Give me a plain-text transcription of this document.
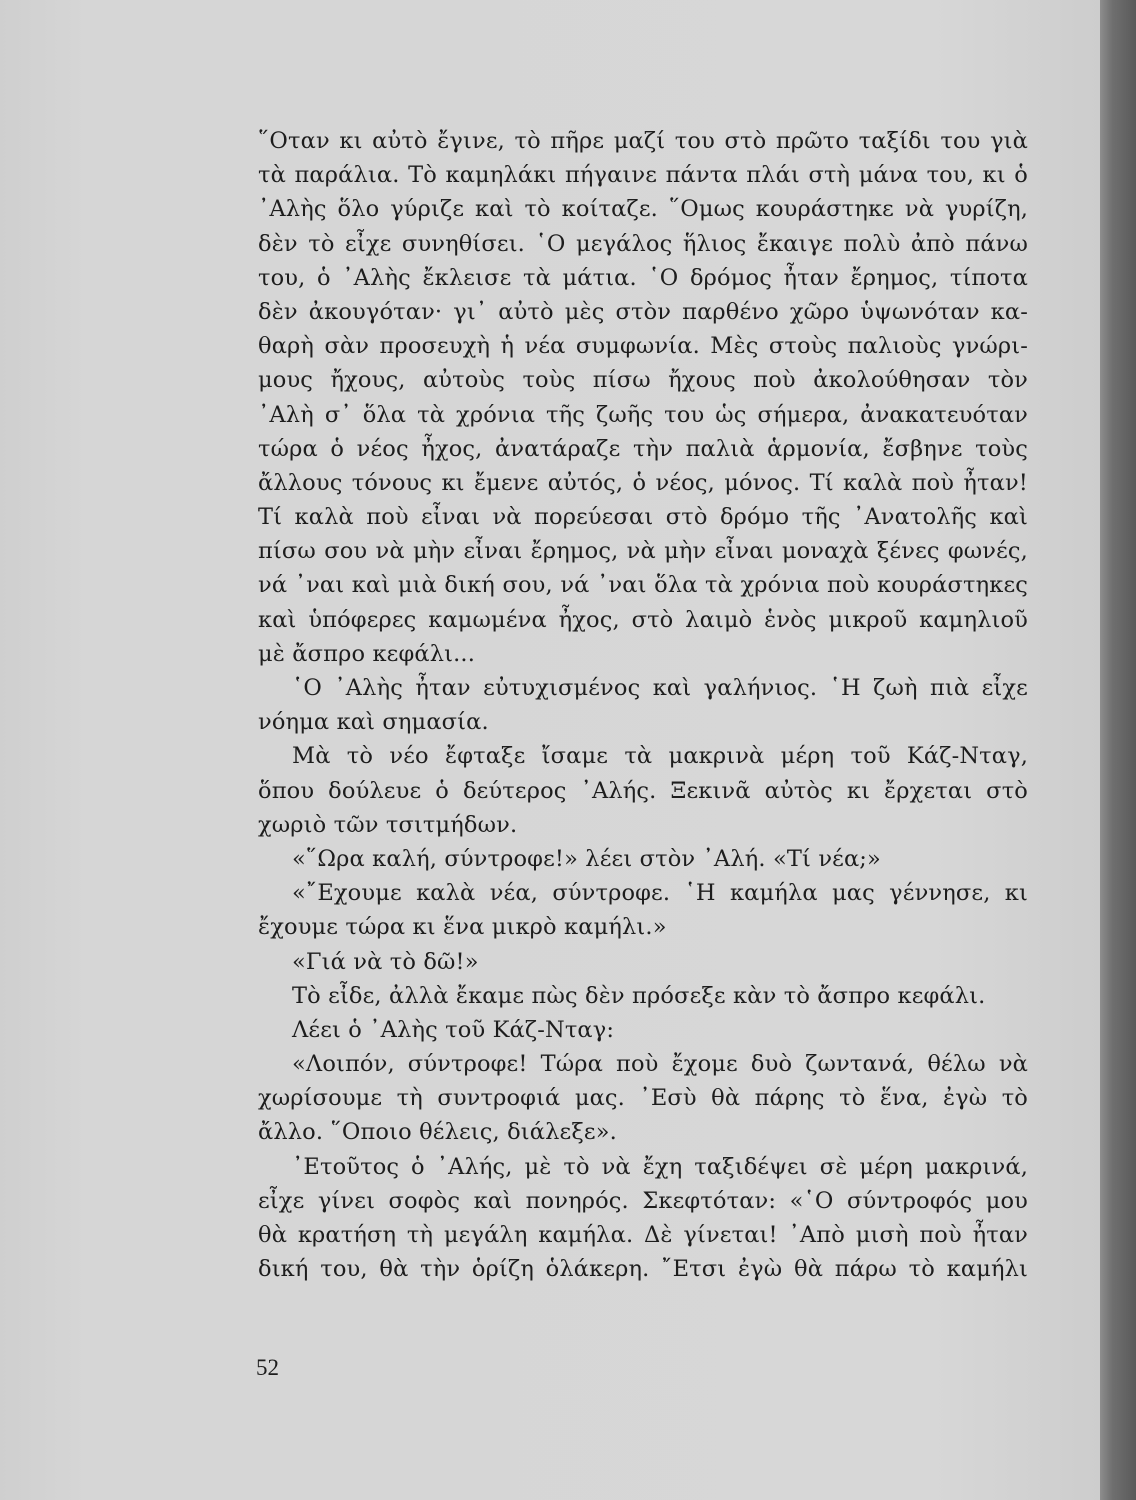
῞Οταν κι αὐτὸ ἔγινε, τὸ πῆρε μαζί του στὸ πρῶτο ταξίδι του γιὰ
τὰ παράλια. Τὸ καμηλάκι πήγαινε πάντα πλάι στὴ μάνα του, κι ὁ
᾿Αλὴς ὅλο γύριζε καὶ τὸ κοίταζε. ῞Ομως κουράστηκε νὰ γυρίζη,
δὲν τὸ εἶχε συνηθίσει. ῾Ο μεγάλος ἥλιος ἔκαιγε πολὺ ἀπὸ πάνω
του, ὁ ᾿Αλὴς ἔκλεισε τὰ μάτια. ῾Ο δρόμος ἦταν ἔρημος, τίποτα
δὲν ἀκουγόταν· γι᾿ αὐτὸ μὲς στὸν παρθένο χῶρο ὑψωνόταν κα-
θαρὴ σὰν προσευχὴ ἡ νέα συμφωνία. Μὲς στοὺς παλιοὺς γνώρι-
μους ἤχους, αὐτοὺς τοὺς πίσω ἤχους ποὺ ἀκολούθησαν τὸν
᾿Αλὴ σ᾿ ὅλα τὰ χρόνια τῆς ζωῆς του ὡς σήμερα, ἀνακατευόταν
τώρα ὁ νέος ἦχος, ἀνατάραζε τὴν παλιὰ ἁρμονία, ἔσβηνε τοὺς
ἄλλους τόνους κι ἔμενε αὐτός, ὁ νέος, μόνος. Τί καλὰ ποὺ ἦταν!
Τί καλὰ ποὺ εἶναι νὰ πορεύεσαι στὸ δρόμο τῆς ᾿Ανατολῆς καὶ
πίσω σου νὰ μὴν εἶναι ἔρημος, νὰ μὴν εἶναι μοναχὰ ξένες φωνές,
νά ᾿ναι καὶ μιὰ δική σου, νά ᾿ναι ὅλα τὰ χρόνια ποὺ κουράστηκες
καὶ ὑπόφερες καμωμένα ἦχος, στὸ λαιμὸ ἑνὸς μικροῦ καμηλιοῦ
μὲ ἄσπρο κεφάλι...
῾Ο ᾿Αλὴς ἦταν εὐτυχισμένος καὶ γαλήνιος. ῾Η ζωὴ πιὰ εἶχε
νόημα καὶ σημασία.
Μὰ τὸ νέο ἔφταξε ἴσαμε τὰ μακρινὰ μέρη τοῦ Κάζ-Νταγ,
ὅπου δούλευε ὁ δεύτερος ᾿Αλής. Ξεκινᾶ αὐτὸς κι ἔρχεται στὸ
χωριὸ τῶν τσιτμήδων.
«῞Ωρα καλή, σύντροφε!» λέει στὸν ᾿Αλή. «Τί νέα;»
«῎Εχουμε καλὰ νέα, σύντροφε. ῾Η καμήλα μας γέννησε, κι
ἔχουμε τώρα κι ἕνα μικρὸ καμήλι.»
«Γιά νὰ τὸ δῶ!»
Τὸ εἶδε, ἀλλὰ ἔκαμε πὼς δὲν πρόσεξε κὰν τὸ ἄσπρο κεφάλι.
Λέει ὁ ᾿Αλὴς τοῦ Κάζ-Νταγ:
«Λοιπόν, σύντροφε! Τώρα ποὺ ἔχομε δυὸ ζωντανά, θέλω νὰ
χωρίσουμε τὴ συντροφιά μας. ᾿Εσὺ θὰ πάρης τὸ ἕνα, ἐγὼ τὸ
ἄλλο. ῞Οποιο θέλεις, διάλεξε».
᾿Ετοῦτος ὁ ᾿Αλής, μὲ τὸ νὰ ἔχη ταξιδέψει σὲ μέρη μακρινά,
εἶχε γίνει σοφὸς καὶ πονηρός. Σκεφτόταν: «῾Ο σύντροφός μου
θὰ κρατήση τὴ μεγάλη καμήλα. Δὲ γίνεται! ᾿Απὸ μισὴ ποὺ ἦταν
δική του, θὰ τὴν ὁρίζη ὁλάκερη. ῎Ετσι ἐγὼ θὰ πάρω τὸ καμήλι
52
